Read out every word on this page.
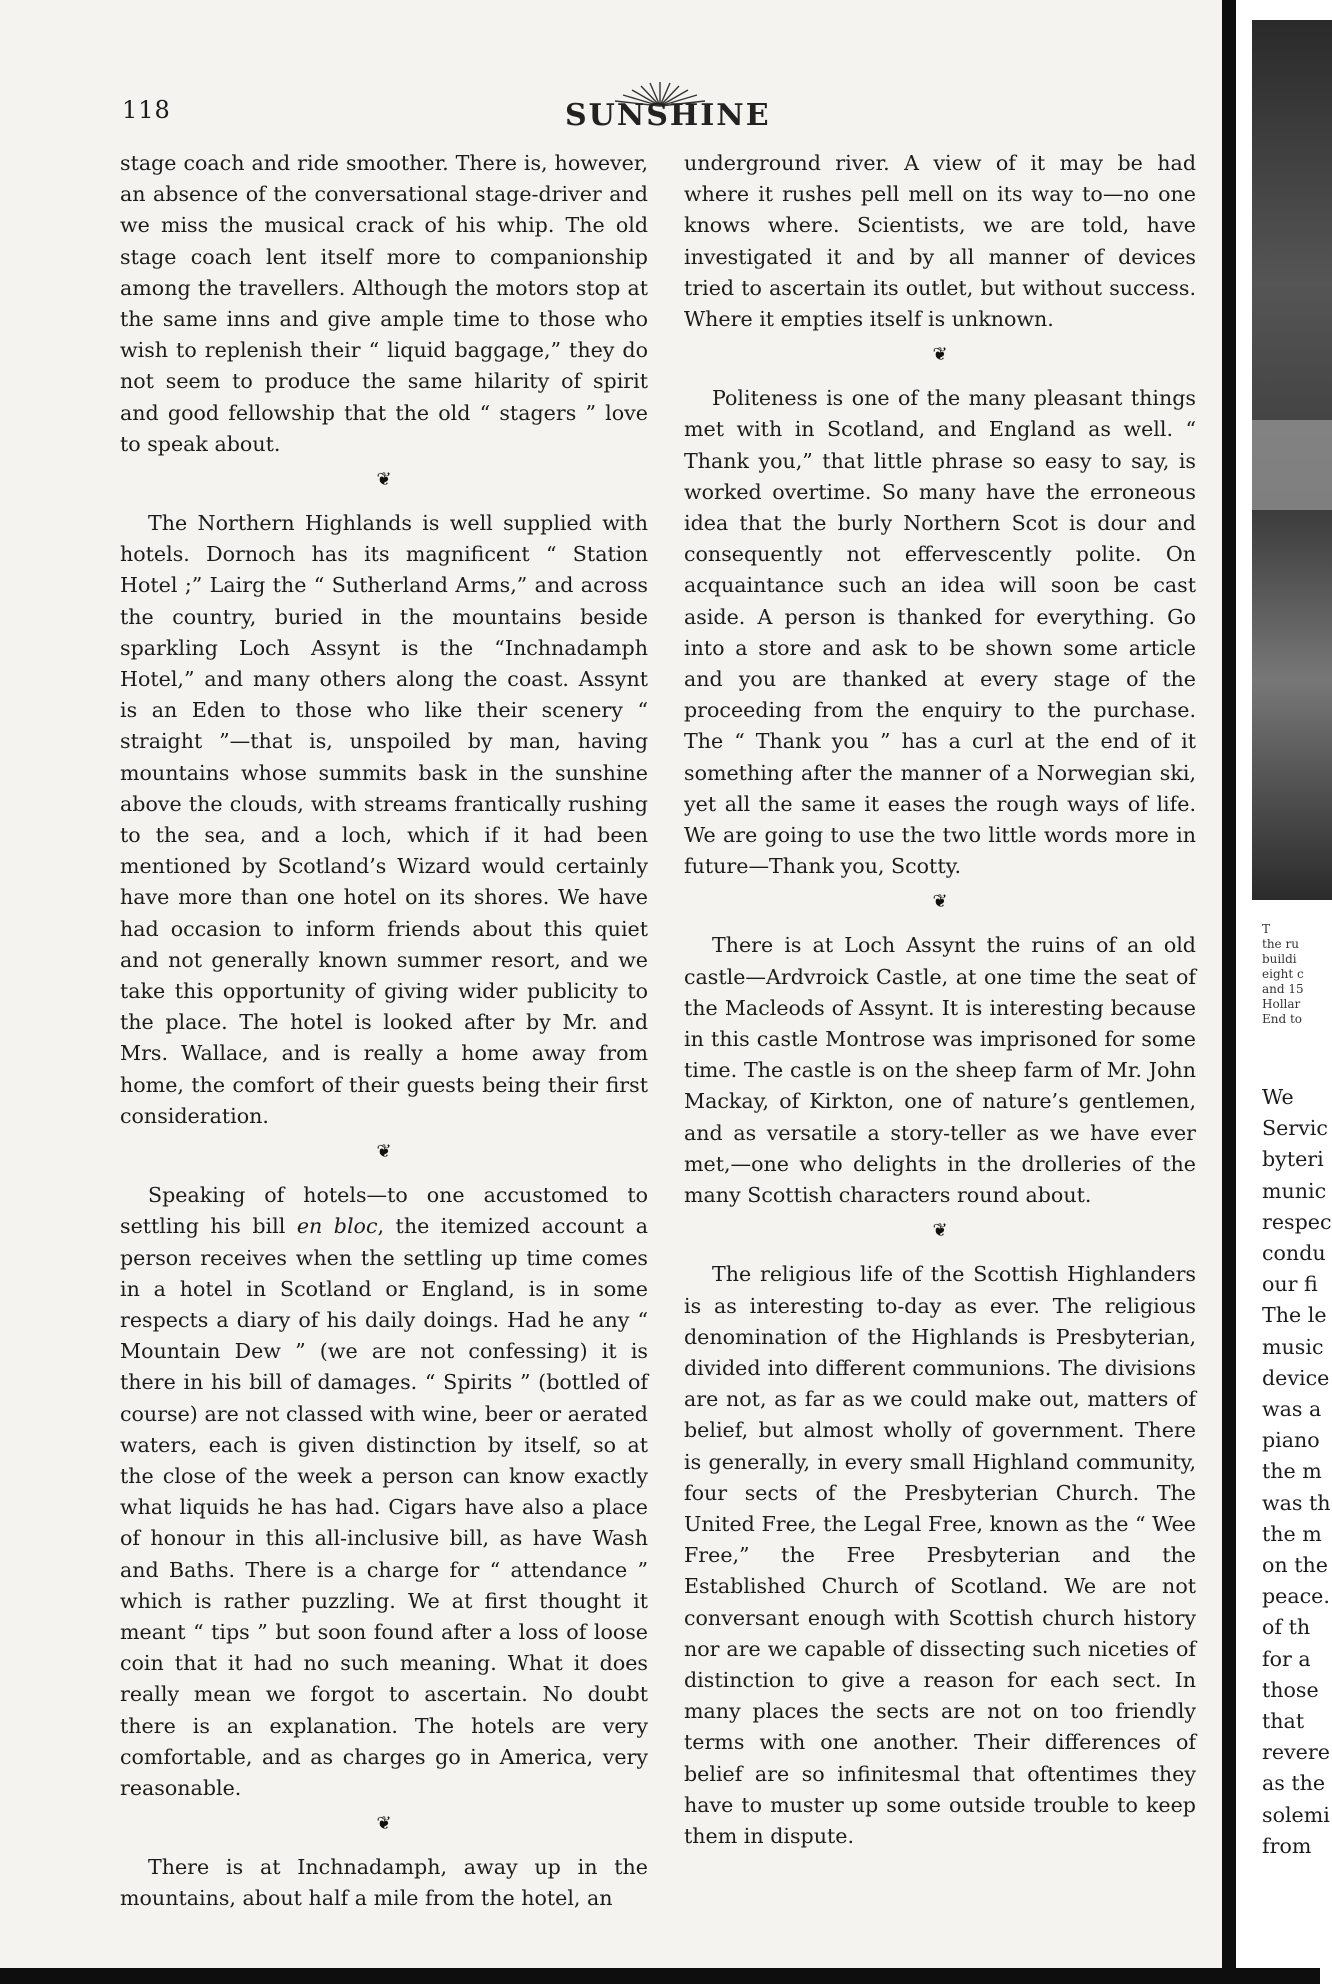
118	SUNSHINE

stage coach and ride smoother. There is, however, an absence of the conversational stage-driver and we miss the musical crack of his whip. The old stage coach lent itself more to companionship among the travellers. Although the motors stop at the same inns and give ample time to those who wish to replenish their “ liquid baggage,” they do not seem to produce the same hilarity of spirit and good fellowship that the old “ stagers ” love to speak about.

❦

The Northern Highlands is well supplied with hotels. Dornoch has its magnificent “ Station Hotel ;” Lairg the “ Sutherland Arms,” and across the country, buried in the mountains beside sparkling Loch Assynt is the “Inchnadamph Hotel,” and many others along the coast. Assynt is an Eden to those who like their scenery “ straight ”—that is, unspoiled by man, having mountains whose summits bask in the sunshine above the clouds, with streams frantically rushing to the sea, and a loch, which if it had been mentioned by Scotland’s Wizard would certainly have more than one hotel on its shores. We have had occasion to inform friends about this quiet and not generally known summer resort, and we take this opportunity of giving wider publicity to the place. The hotel is looked after by Mr. and Mrs. Wallace, and is really a home away from home, the comfort of their guests being their first consideration.

❦

Speaking of hotels—to one accustomed to settling his bill en bloc, the itemized account a person receives when the settling up time comes in a hotel in Scotland or England, is in some respects a diary of his daily doings. Had he any “ Mountain Dew ” (we are not confessing) it is there in his bill of damages. “ Spirits ” (bottled of course) are not classed with wine, beer or aerated waters, each is given distinction by itself, so at the close of the week a person can know exactly what liquids he has had. Cigars have also a place of honour in this all-inclusive bill, as have Wash and Baths. There is a charge for “ attendance ” which is rather puzzling. We at first thought it meant “ tips ” but soon found after a loss of loose coin that it had no such meaning. What it does really mean we forgot to ascertain. No doubt there is an explanation. The hotels are very comfortable, and as charges go in America, very reasonable.

❦

There is at Inchnadamph, away up in the mountains, about half a mile from the hotel, an

underground river. A view of it may be had where it rushes pell mell on its way to—no one knows where. Scientists, we are told, have investigated it and by all manner of devices tried to ascertain its outlet, but without success. Where it empties itself is unknown.

❦

Politeness is one of the many pleasant things met with in Scotland, and England as well. “ Thank you,” that little phrase so easy to say, is worked overtime. So many have the erroneous idea that the burly Northern Scot is dour and consequently not effervescently polite. On acquaintance such an idea will soon be cast aside. A person is thanked for everything. Go into a store and ask to be shown some article and you are thanked at every stage of the proceeding from the enquiry to the purchase. The “ Thank you ” has a curl at the end of it something after the manner of a Norwegian ski, yet all the same it eases the rough ways of life. We are going to use the two little words more in future—Thank you, Scotty.

❦

There is at Loch Assynt the ruins of an old castle—Ardvroick Castle, at one time the seat of the Macleods of Assynt. It is interesting because in this castle Montrose was imprisoned for some time. The castle is on the sheep farm of Mr. John Mackay, of Kirkton, one of nature’s gentlemen, and as versatile a story-teller as we have ever met,—one who delights in the drolleries of the many Scottish characters round about.

❦

The religious life of the Scottish Highlanders is as interesting to-day as ever. The religious denomination of the Highlands is Presbyterian, divided into different communions. The divisions are not, as far as we could make out, matters of belief, but almost wholly of government. There is generally, in every small Highland community, four sects of the Presbyterian Church. The United Free, the Legal Free, known as the “ Wee Free,” the Free Presbyterian and the Established Church of Scotland. We are not conversant enough with Scottish church history nor are we capable of dissecting such niceties of distinction to give a reason for each sect. In many places the sects are not on too friendly terms with one another. Their differences of belief are so infinitesmal that oftentimes they have to muster up some outside trouble to keep them in dispute.

T
the ru
buildi
eight c
and 15
Hollar
End to
We
Servic
byteri
munic
respec
condu
our fi
The le
music
device
was a
piano
the m
was th
the m
on the
peace.
of th
for a
those
that
revere
as the
solemi
from
